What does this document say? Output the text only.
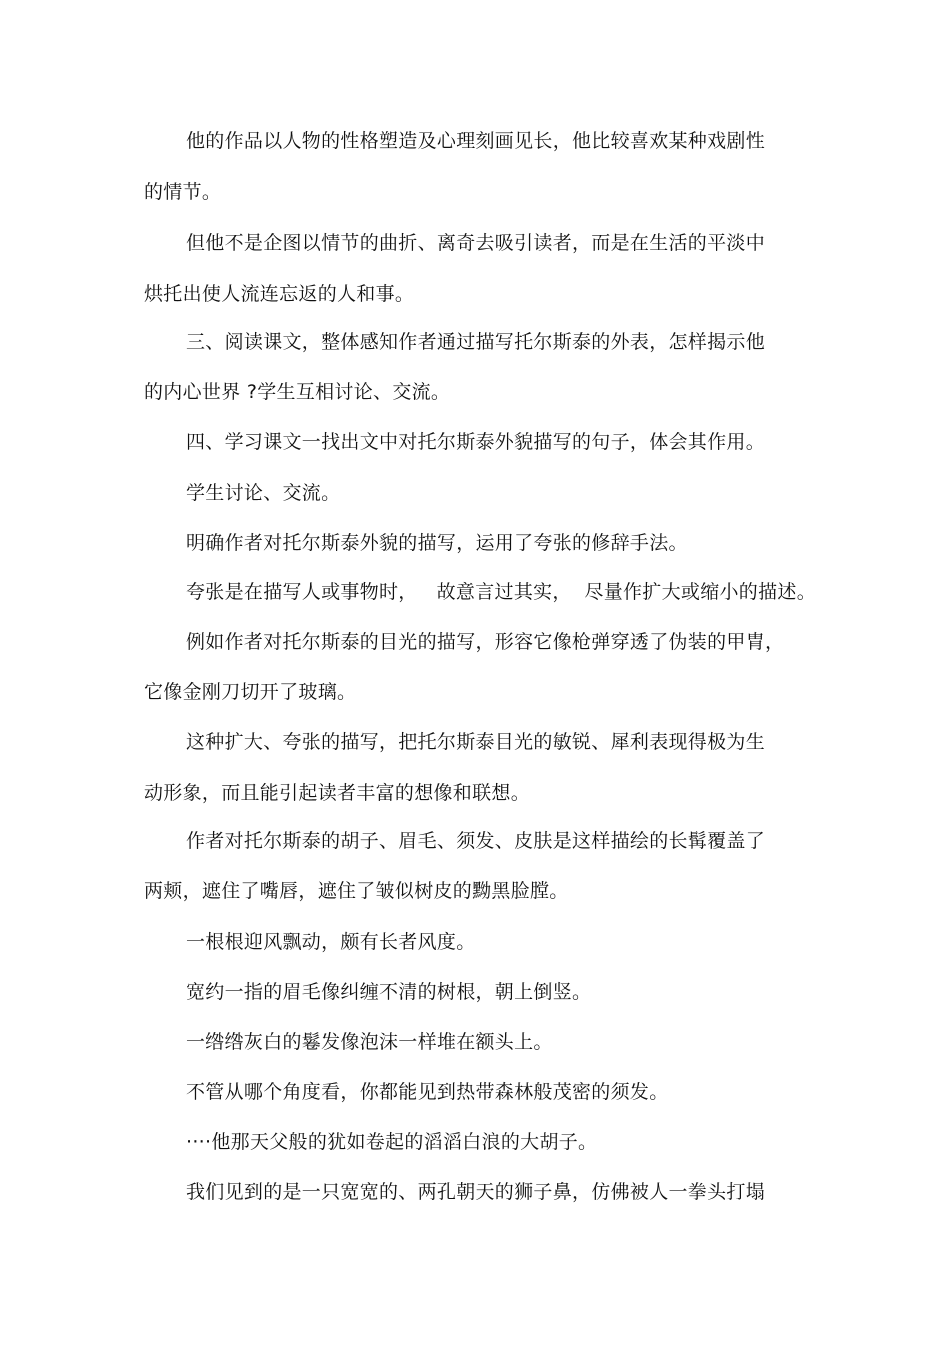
他的作品以人物的性格塑造及心理刻画见长，他比较喜欢某种戏剧性
的情节。
但他不是企图以情节的曲折、离奇去吸引读者，而是在生活的平淡中
烘托出使人流连忘返的人和事。
三、阅读课文，整体感知作者通过描写托尔斯泰的外表，怎样揭示他
的内心世界 ?学生互相讨论、交流。
四、学习课文一找出文中对托尔斯泰外貌描写的句子，体会其作用。
学生讨论、交流。
明确作者对托尔斯泰外貌的描写，运用了夸张的修辞手法。
夸张是在描写人或事物时，   故意言过其实，  尽量作扩大或缩小的描述。
例如作者对托尔斯泰的目光的描写，形容它像枪弹穿透了伪装的甲胄，
它像金刚刀切开了玻璃。
这种扩大、夸张的描写，把托尔斯泰目光的敏锐、犀利表现得极为生
动形象，而且能引起读者丰富的想像和联想。
作者对托尔斯泰的胡子、眉毛、须发、皮肤是这样描绘的长髯覆盖了
两颊，遮住了嘴唇，遮住了皱似树皮的黝黑脸膛。
一根根迎风飘动，颇有长者风度。
宽约一指的眉毛像纠缠不清的树根，朝上倒竖。
一绺绺灰白的鬈发像泡沫一样堆在额头上。
不管从哪个角度看，你都能见到热带森林般茂密的须发。
····他那天父般的犹如卷起的滔滔白浪的大胡子。
我们见到的是一只宽宽的、两孔朝天的狮子鼻，仿佛被人一拳头打塌
